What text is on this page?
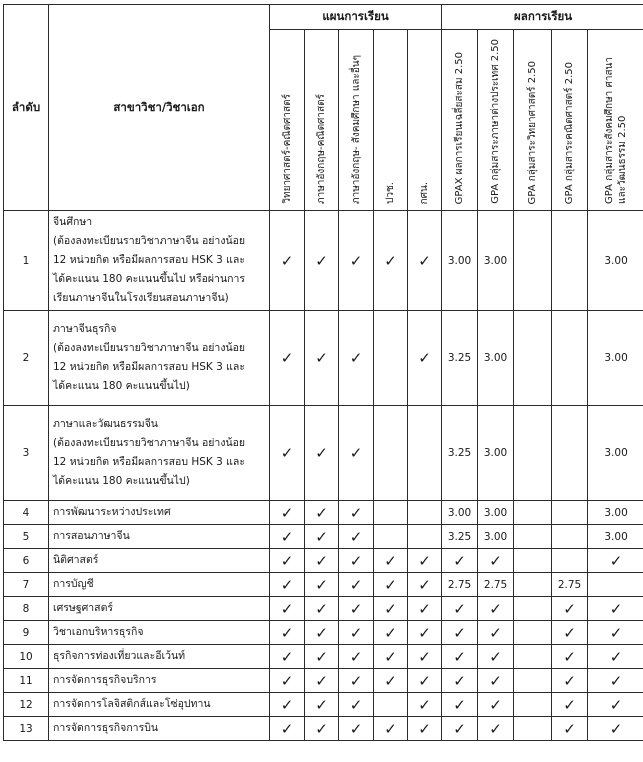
ลำดับ	สาขาวิชา/วิชาเอก	แผนการเรียน					ผลการเรียน				

		วิทยาศาสตร์-คณิตศาสตร์	ภาษาอังกฤษ-คณิตศาสตร์	ภาษาอังกฤษ- สังคมศึกษา และอื่นๆ	ปวช.	กศน.	GPAX ผลการเรียนเฉลี่ยสะสม 2.50	GPA กลุ่มสาระภาษาต่างประเทศ 2.50	GPA กลุ่มสาระวิทยาศาสตร์ 2.50	GPA กลุ่มสาระคณิตศาสตร์ 2.50	GPA กลุ่มสาระสังคมศึกษา ศาสนา
และวัฒนธรรม 2.50

1	จีนศึกษา
(ต้องลงทะเบียนรายวิชาภาษาจีน อย่างน้อย
12 หน่วยกิต หรือมีผลการสอบ HSK 3 และ
ได้คะแนน 180 คะแนนขึ้นไป หรือผ่านการ
เรียนภาษาจีนในโรงเรียนสอนภาษาจีน)	✓	✓	✓	✓	✓	3.00	3.00			3.00
2	ภาษาจีนธุรกิจ
(ต้องลงทะเบียนรายวิชาภาษาจีน อย่างน้อย
12 หน่วยกิต หรือมีผลการสอบ HSK 3 และ
ได้คะแนน 180 คะแนนขึ้นไป)	✓	✓	✓		✓	3.25	3.00			3.00
3	ภาษาและวัฒนธรรมจีน
(ต้องลงทะเบียนรายวิชาภาษาจีน อย่างน้อย
12 หน่วยกิต หรือมีผลการสอบ HSK 3 และ
ได้คะแนน 180 คะแนนขึ้นไป)	✓	✓	✓			3.25	3.00			3.00
4	การพัฒนาระหว่างประเทศ	✓	✓	✓			3.00	3.00			3.00
5	การสอนภาษาจีน	✓	✓	✓			3.25	3.00			3.00
6	นิติศาสตร์	✓	✓	✓	✓	✓	✓	✓			✓
7	การบัญชี	✓	✓	✓	✓	✓	2.75	2.75		2.75	
8	เศรษฐศาสตร์	✓	✓	✓	✓	✓	✓	✓		✓	✓
9	วิชาเอกบริหารธุรกิจ	✓	✓	✓	✓	✓	✓	✓		✓	✓
10	ธุรกิจการท่องเที่ยวและอีเว้นท์	✓	✓	✓	✓	✓	✓	✓		✓	✓
11	การจัดการธุรกิจบริการ	✓	✓	✓	✓	✓	✓	✓		✓	✓
12	การจัดการโลจิสติกส์และโซ่อุปทาน	✓	✓	✓		✓	✓	✓		✓	✓
13	การจัดการธุรกิจการบิน	✓	✓	✓	✓	✓	✓	✓		✓	✓
